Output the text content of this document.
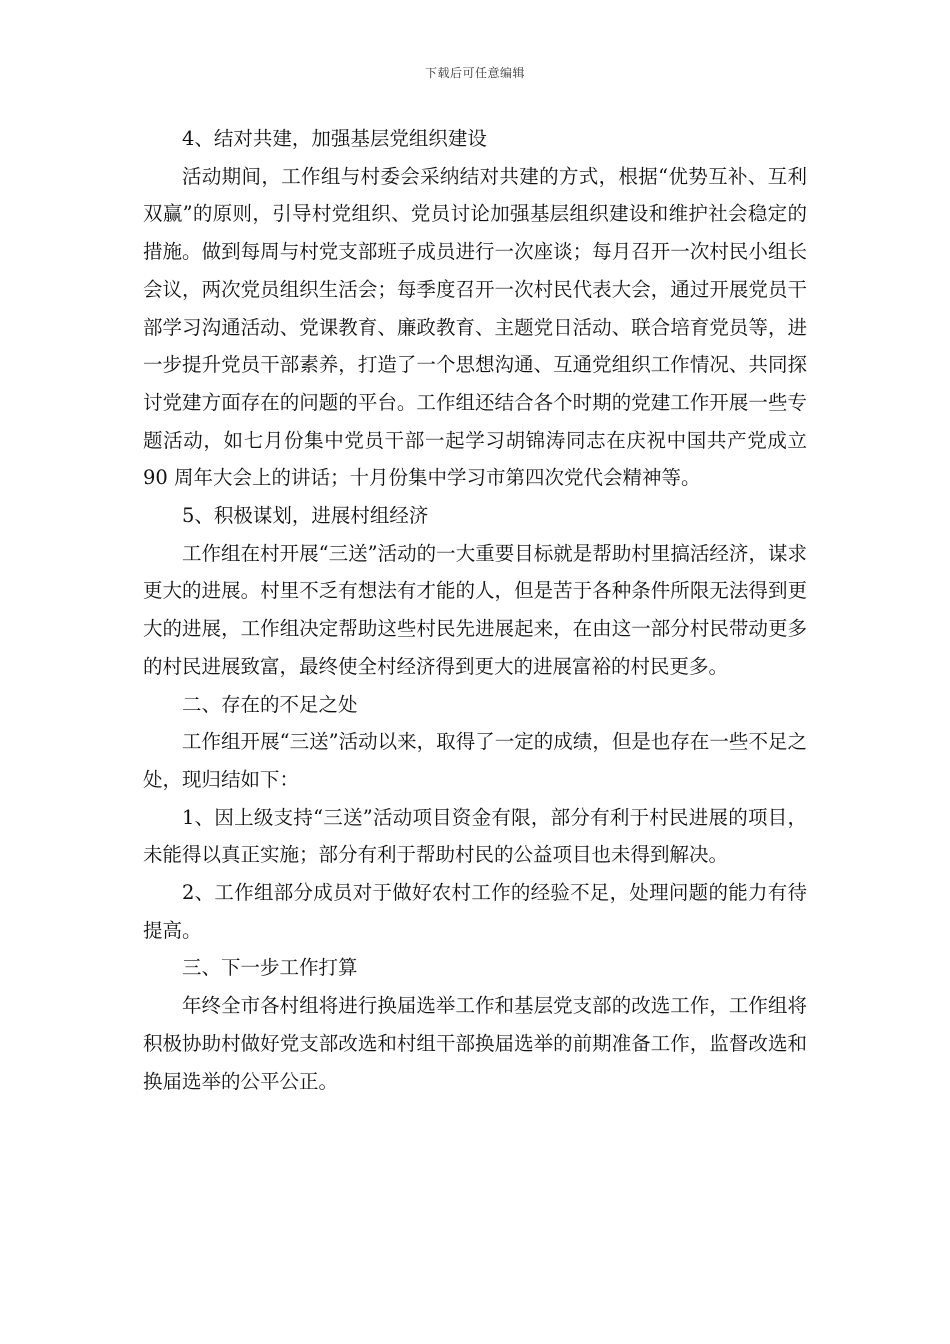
下载后可任意编辑

4、结对共建，加强基层党组织建设

活动期间，工作组与村委会采纳结对共建的方式，根据“优势互补、互利双赢”的原则，引导村党组织、党员讨论加强基层组织建设和维护社会稳定的措施。做到每周与村党支部班子成员进行一次座谈；每月召开一次村民小组长会议，两次党员组织生活会；每季度召开一次村民代表大会，通过开展党员干部学习沟通活动、党课教育、廉政教育、主题党日活动、联合培育党员等，进一步提升党员干部素养，打造了一个思想沟通、互通党组织工作情况、共同探讨党建方面存在的问题的平台。工作组还结合各个时期的党建工作开展一些专题活动，如七月份集中党员干部一起学习胡锦涛同志在庆祝中国共产党成立 90 周年大会上的讲话；十月份集中学习市第四次党代会精神等。

5、积极谋划，进展村组经济

工作组在村开展“三送”活动的一大重要目标就是帮助村里搞活经济，谋求更大的进展。村里不乏有想法有才能的人，但是苦于各种条件所限无法得到更大的进展，工作组决定帮助这些村民先进展起来，在由这一部分村民带动更多的村民进展致富，最终使全村经济得到更大的进展富裕的村民更多。

二、存在的不足之处

工作组开展“三送”活动以来，取得了一定的成绩，但是也存在一些不足之处，现归结如下：

1、因上级支持“三送”活动项目资金有限，部分有利于村民进展的项目，未能得以真正实施；部分有利于帮助村民的公益项目也未得到解决。

2、工作组部分成员对于做好农村工作的经验不足，处理问题的能力有待提高。

三、下一步工作打算

年终全市各村组将进行换届选举工作和基层党支部的改选工作，工作组将积极协助村做好党支部改选和村组干部换届选举的前期准备工作，监督改选和换届选举的公平公正。
